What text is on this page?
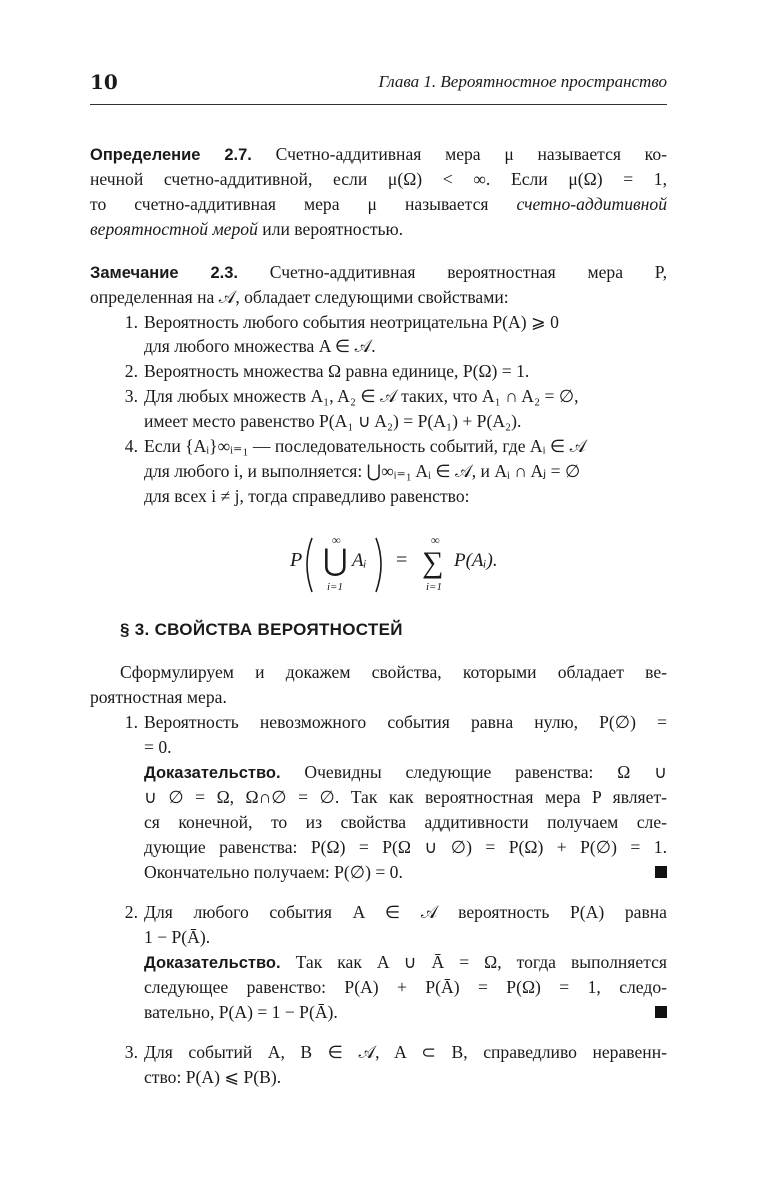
10	Глава 1. Вероятностное пространство
Определение 2.7. Счетно-аддитивная мера μ называется ко-
нечной счетно-аддитивной, если μ(Ω) < ∞. Если μ(Ω) = 1,
то счетно-аддитивная мера μ называется счетно-аддитивной
вероятностной мерой или вероятностью.
Замечание 2.3. Счетно-аддитивная вероятностная мера P,
определенная на 𝒜, обладает следующими свойствами:
1. Вероятность любого события неотрицательна P(A) ⩾ 0
для любого множества A ∈ 𝒜.
2. Вероятность множества Ω равна единице, P(Ω) = 1.
3. Для любых множеств A₁, A₂ ∈ 𝒜 таких, что A₁ ∩ A₂ = ∅,
имеет место равенство P(A₁ ∪ A₂) = P(A₁) + P(A₂).
4. Если {Aᵢ}∞ᵢ₌₁ — последовательность событий, где Aᵢ ∈ 𝒜
для любого i, и выполняется: ⋃∞ᵢ₌₁ Aᵢ ∈ 𝒜, и Aᵢ ∩ Aⱼ = ∅
для всех i ≠ j, тогда справедливо равенство:
P
∞
⋃
i=1
Aᵢ =
∞
∑
i=1
P(Aᵢ).
§ 3. СВОЙСТВА ВЕРОЯТНОСТЕЙ
Сформулируем и докажем свойства, которыми обладает ве-
роятностная мера.
1. Вероятность невозможного события равна нулю, P(∅) =
= 0.
Доказательство. Очевидны следующие равенства: Ω ∪
∪ ∅ = Ω, Ω∩∅ = ∅. Так как вероятностная мера P являет-
ся конечной, то из свойства аддитивности получаем сле-
дующие равенства: P(Ω) = P(Ω ∪ ∅) = P(Ω) + P(∅) = 1.
Окончательно получаем: P(∅) = 0.
2. Для любого события A ∈ 𝒜 вероятность P(A) равна
1 − P(Ā).
Доказательство. Так как A ∪ Ā = Ω, тогда выполняется
следующее равенство: P(A) + P(Ā) = P(Ω) = 1, следо-
вательно, P(A) = 1 − P(Ā).
3. Для событий A, B ∈ 𝒜, A ⊂ B, справедливо неравенн-
ство: P(A) ⩽ P(B).
